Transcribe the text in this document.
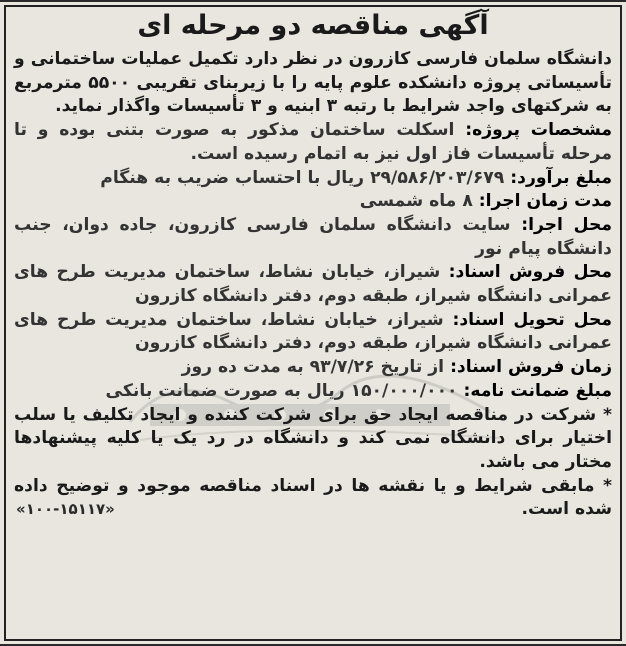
آگهی مناقصه دو مرحله ای

دانشگاه سلمان فارسی کازرون در نظر دارد تکمیل عملیات ساختمانی و تأسیساتی پروژه دانشکده علوم پایه را با زیربنای تقریبی ۵۵۰۰ مترمربع به شرکتهای واجد شرایط با رتبه ۳ ابنیه و ۳ تأسیسات واگذار نماید.

مشخصات پروژه: اسکلت ساختمان مذکور به صورت بتنی بوده و تا مرحله تأسیسات فاز اول نیز به اتمام رسیده است.

مبلغ برآورد: ۲۹/۵۸۶/۲۰۳/۶۷۹ ریال با احتساب ضریب به هنگام

مدت زمان اجرا: ۸ ماه شمسی

محل اجرا: سایت دانشگاه سلمان فارسی کازرون، جاده دوان، جنب دانشگاه پیام نور

محل فروش اسناد: شیراز، خیابان نشاط، ساختمان مدیریت طرح های عمرانی دانشگاه شیراز، طبقه دوم، دفتر دانشگاه کازرون

محل تحویل اسناد: شیراز، خیابان نشاط، ساختمان مدیریت طرح های عمرانی دانشگاه شیراز، طبقه دوم، دفتر دانشگاه کازرون

زمان فروش اسناد: از تاریخ ۹۳/۷/۲۶ به مدت ده روز

مبلغ ضمانت نامه: ۱۵۰/۰۰۰/۰۰۰ ریال به صورت ضمانت بانکی

* شرکت در مناقصه ایجاد حق برای شرکت کننده و ایجاد تکلیف یا سلب اختیار برای دانشگاه نمی کند و دانشگاه در رد یک یا کلیه پیشنهادها مختار می باشد.

* مابقی شرایط و یا نقشه ها در اسناد مناقصه موجود و توضیح داده شده است.

«۱۰۰-۱۵۱۱۷»
